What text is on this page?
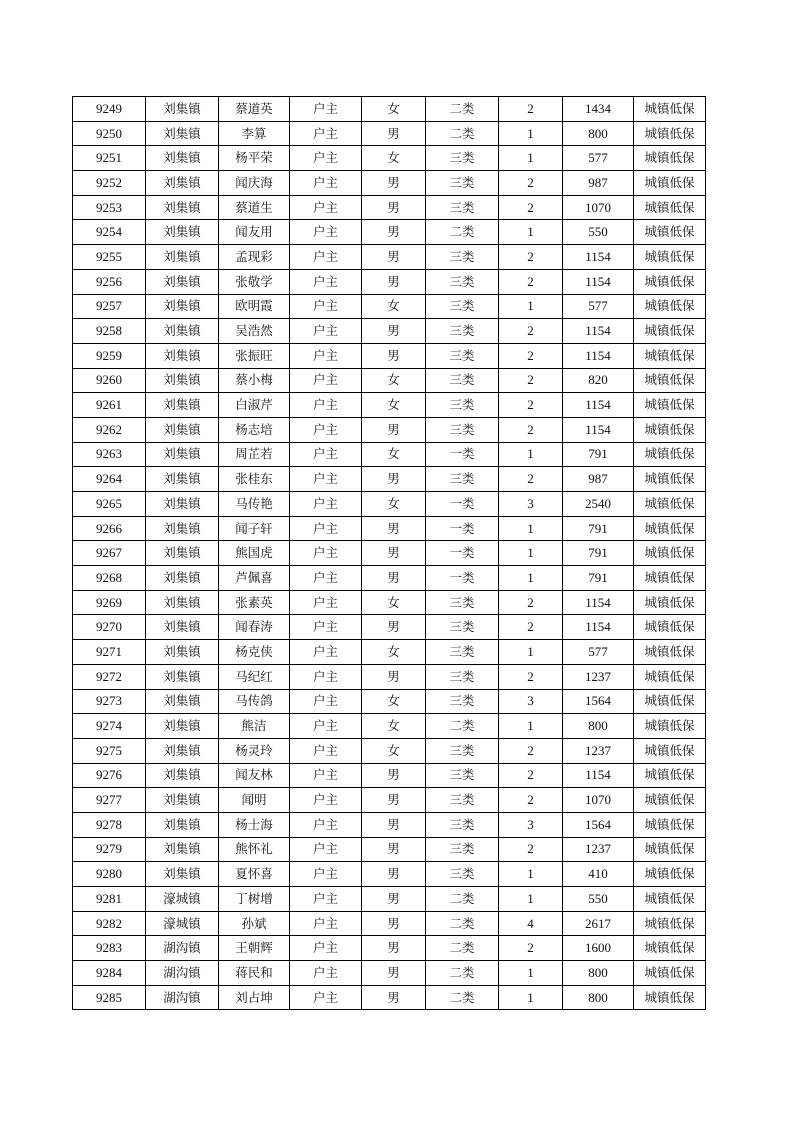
9249	刘集镇	蔡道英	户主	女	二类	2	1434	城镇低保
9250	刘集镇	李算	户主	男	二类	1	800	城镇低保
9251	刘集镇	杨平荣	户主	女	三类	1	577	城镇低保
9252	刘集镇	闻庆海	户主	男	三类	2	987	城镇低保
9253	刘集镇	蔡道生	户主	男	三类	2	1070	城镇低保
9254	刘集镇	闻友用	户主	男	二类	1	550	城镇低保
9255	刘集镇	孟现彩	户主	男	三类	2	1154	城镇低保
9256	刘集镇	张敬学	户主	男	三类	2	1154	城镇低保
9257	刘集镇	欧明霞	户主	女	三类	1	577	城镇低保
9258	刘集镇	吴浩然	户主	男	三类	2	1154	城镇低保
9259	刘集镇	张振旺	户主	男	三类	2	1154	城镇低保
9260	刘集镇	蔡小梅	户主	女	三类	2	820	城镇低保
9261	刘集镇	白淑芹	户主	女	三类	2	1154	城镇低保
9262	刘集镇	杨志培	户主	男	三类	2	1154	城镇低保
9263	刘集镇	周芷若	户主	女	一类	1	791	城镇低保
9264	刘集镇	张桂东	户主	男	三类	2	987	城镇低保
9265	刘集镇	马传艳	户主	女	一类	3	2540	城镇低保
9266	刘集镇	闻子轩	户主	男	一类	1	791	城镇低保
9267	刘集镇	熊国虎	户主	男	一类	1	791	城镇低保
9268	刘集镇	芦佩喜	户主	男	一类	1	791	城镇低保
9269	刘集镇	张素英	户主	女	三类	2	1154	城镇低保
9270	刘集镇	闻春涛	户主	男	三类	2	1154	城镇低保
9271	刘集镇	杨克侠	户主	女	三类	1	577	城镇低保
9272	刘集镇	马纪红	户主	男	三类	2	1237	城镇低保
9273	刘集镇	马传鸽	户主	女	三类	3	1564	城镇低保
9274	刘集镇	熊洁	户主	女	二类	1	800	城镇低保
9275	刘集镇	杨灵玲	户主	女	三类	2	1237	城镇低保
9276	刘集镇	闻友林	户主	男	三类	2	1154	城镇低保
9277	刘集镇	闻明	户主	男	三类	2	1070	城镇低保
9278	刘集镇	杨士海	户主	男	三类	3	1564	城镇低保
9279	刘集镇	熊怀礼	户主	男	三类	2	1237	城镇低保
9280	刘集镇	夏怀喜	户主	男	三类	1	410	城镇低保
9281	濠城镇	丁树增	户主	男	二类	1	550	城镇低保
9282	濠城镇	孙斌	户主	男	二类	4	2617	城镇低保
9283	湖沟镇	王朝辉	户主	男	二类	2	1600	城镇低保
9284	湖沟镇	蒋民和	户主	男	二类	1	800	城镇低保
9285	湖沟镇	刘占坤	户主	男	二类	1	800	城镇低保
